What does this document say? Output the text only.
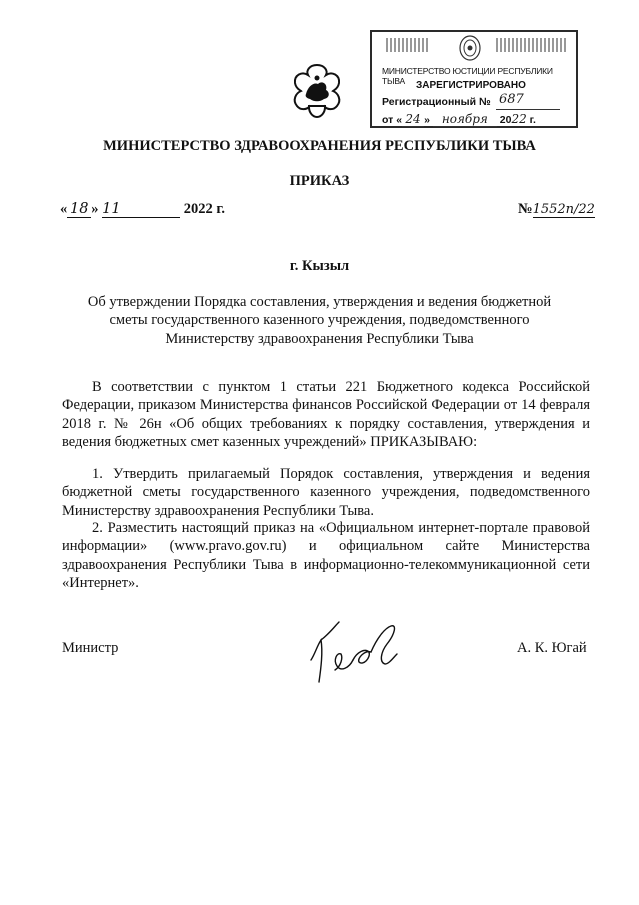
МИНИСТЕРСТВО ЮСТИЦИИ РЕСПУБЛИКИ ТЫВА	ЗАРЕГИСТРИРОВАНО
Регистрационный № 687
от « 24 » ноября 2022 г.
МИНИСТЕРСТВО ЗДРАВООХРАНЕНИЯ РЕСПУБЛИКИ ТЫВА
ПРИКАЗ
« 18 » 11	2022 г.	№1552п/22
г. Кызыл
Об утверждении Порядка составления, утверждения и ведения бюджетной
сметы государственного казенного учреждения, подведомственного
Министерству здравоохранения Республики Тыва
В соответствии с пунктом 1 статьи 221 Бюджетного кодекса Российской Федерации, приказом Министерства финансов Российской Федерации от 14 февраля 2018 г. № 26н «Об общих требованиях к порядку составления, утверждения и ведения бюджетных смет казенных учреждений» ПРИКАЗЫВАЮ:
1. Утвердить прилагаемый Порядок составления, утверждения и ведения бюджетной сметы государственного казенного учреждения, подведомственного Министерству здравоохранения Республики Тыва.
2. Разместить настоящий приказ на «Официальном интернет-портале правовой информации» (www.pravo.gov.ru) и официальном сайте Министерства здравоохранения Республики Тыва в информационно-телекоммуникационной сети «Интернет».
Министр	А. К. Югай
